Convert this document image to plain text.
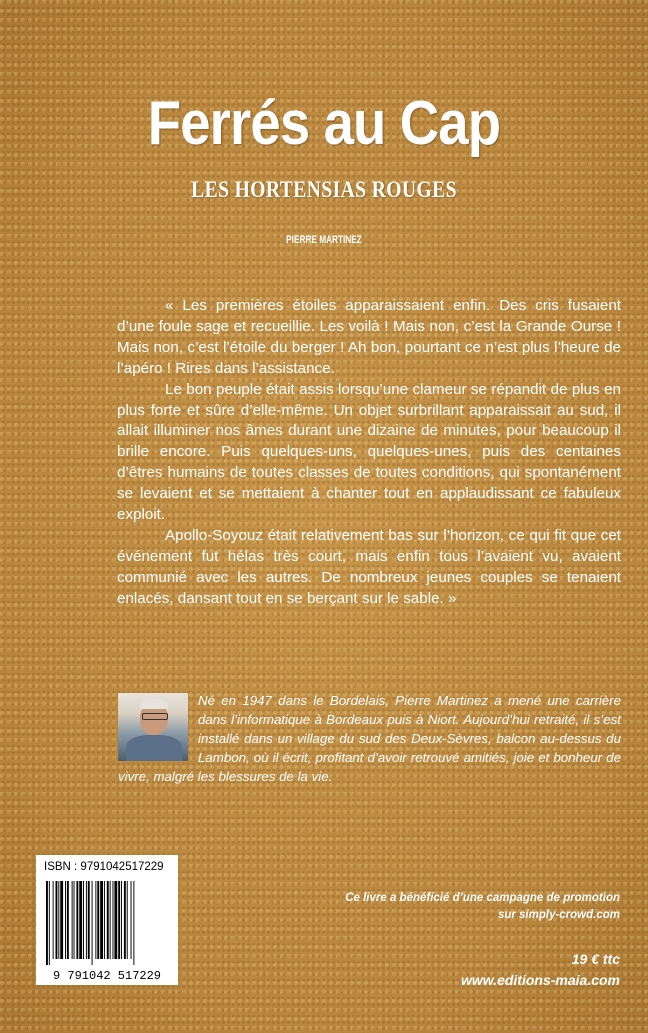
Ferrés au Cap
LES HORTENSIAS ROUGES
PIERRE MARTINEZ

« Les premières étoiles apparaissaient enfin. Des cris fusaient d’une foule sage et recueillie. Les voilà ! Mais non, c’est la Grande Ourse ! Mais non, c’est l’étoile du berger ! Ah bon, pourtant ce n’est plus l’heure de l’apéro ! Rires dans l’assistance.

Le bon peuple était assis lorsqu’une clameur se répandit de plus en plus forte et sûre d’elle-même. Un objet surbrillant apparaissait au sud, il allait illuminer nos âmes durant une dizaine de minutes, pour beaucoup il brille encore. Puis quelques-uns, quelques-unes, puis des centaines d’êtres humains de toutes classes de toutes conditions, qui spontanément se levaient et se mettaient à chanter tout en applaudissant ce fabuleux exploit.

Apollo-Soyouz était relativement bas sur l’horizon, ce qui fit que cet événement fut hélas très court, mais enfin tous l’avaient vu, avaient communié avec les autres. De nombreux jeunes couples se tenaient enlacés, dansant tout en se berçant sur le sable. »

Né en 1947 dans le Bordelais, Pierre Martinez a mené une carrière dans l’informatique à Bordeaux puis à Niort. Aujourd’hui retraité, il s’est installé dans un village du sud des Deux-Sèvres, balcon au-dessus du Lambon, où il écrit, profitant d’avoir retrouvé amitiés, joie et bonheur de vivre, malgré les blessures de la vie.
ISBN : 9791042517229
9 791042 517229
Ce livre a bénéficié d’une campagne de promotion
sur simply-crowd.com
19 € ttc
www.editions-maia.com
